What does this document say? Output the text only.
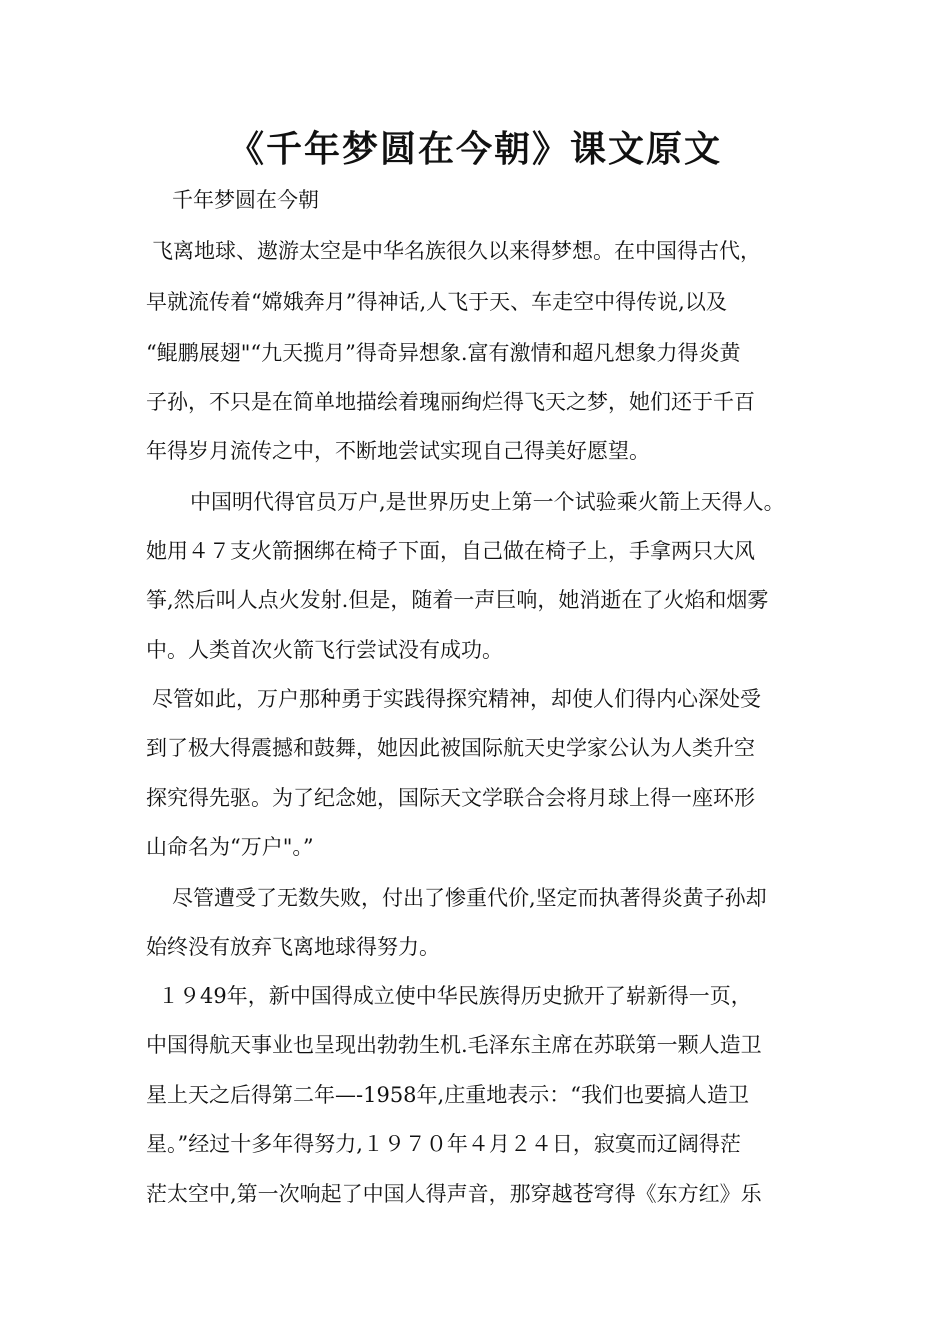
《千年梦圆在今朝》课文原文

千年梦圆在今朝

飞离地球、遨游太空是中华名族很久以来得梦想。在中国得古代，

早就流传着“嫦娥奔月”得神话,人飞于天、车走空中得传说,以及

“鲲鹏展翅"“九天揽月”得奇异想象.富有激情和超凡想象力得炎黄

子孙，不只是在简单地描绘着瑰丽绚烂得飞天之梦，她们还于千百

年得岁月流传之中，不断地尝试实现自己得美好愿望。

中国明代得官员万户,是世界历史上第一个试验乘火箭上天得人。

她用４７支火箭捆绑在椅子下面，自己做在椅子上，手拿两只大风

筝,然后叫人点火发射.但是，随着一声巨响，她消逝在了火焰和烟雾

中。人类首次火箭飞行尝试没有成功。

尽管如此，万户那种勇于实践得探究精神，却使人们得内心深处受

到了极大得震撼和鼓舞，她因此被国际航天史学家公认为人类升空

探究得先驱。为了纪念她，国际天文学联合会将月球上得一座环形

山命名为“万户"。”

尽管遭受了无数失败，付出了惨重代价,坚定而执著得炎黄子孙却

始终没有放弃飞离地球得努力。

１９49年，新中国得成立使中华民族得历史掀开了崭新得一页，

中国得航天事业也呈现出勃勃生机.毛泽东主席在苏联第一颗人造卫

星上天之后得第二年—-1958年,庄重地表示：“我们也要搞人造卫

星。”经过十多年得努力,１９７０年４月２４日，寂寞而辽阔得茫

茫太空中,第一次响起了中国人得声音，那穿越苍穹得《东方红》乐
